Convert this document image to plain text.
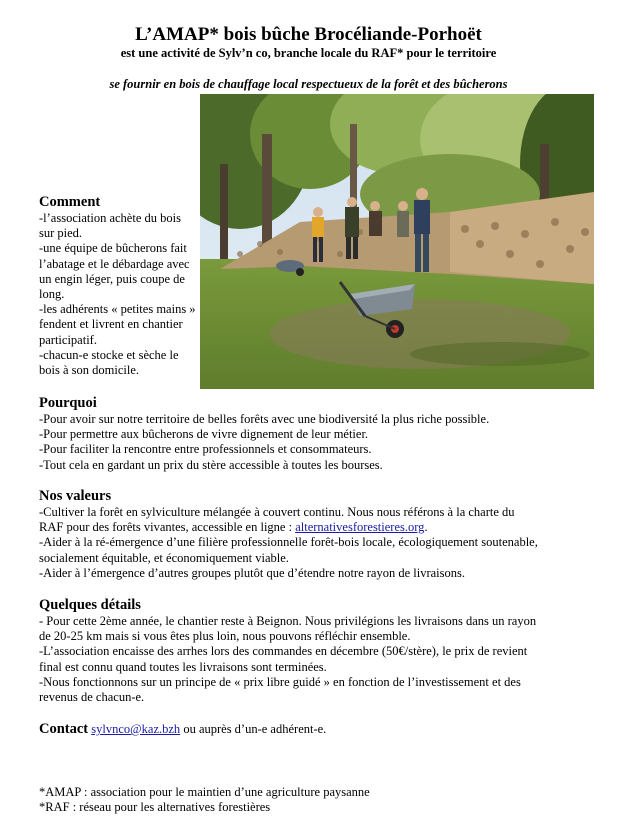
L’AMAP* bois bûche Brocéliande-Porhoët
est une activité de Sylv’n co, branche locale du RAF* pour le territoire
se fournir en bois de chauffage local respectueux de la forêt et des bûcherons
Comment
-l’association achète du bois sur pied.
-une équipe de bûcherons fait l’abatage et le débardage avec un engin léger, puis coupe de long.
-les adhérents « petites mains » fendent et livrent en chantier participatif.
-chacun-e stocke et sèche le bois à son domicile.
Pourquoi
-Pour avoir sur notre territoire de belles forêts avec une biodiversité la plus riche possible.
-Pour permettre aux bûcherons de vivre dignement de leur métier.
-Pour faciliter la rencontre entre professionnels et consommateurs.
-Tout cela en gardant un prix du stère accessible à toutes les bourses.
Nos valeurs
-Cultiver la forêt en sylviculture mélangée à couvert continu. Nous nous référons à la charte du
RAF pour des forêts vivantes, accessible en ligne : alternativesforestieres.org.
-Aider à la ré-émergence d’une filière professionnelle forêt-bois locale, écologiquement soutenable,
socialement équitable, et économiquement viable.
-Aider à l’émergence d’autres groupes plutôt que d’étendre notre rayon de livraisons.
Quelques détails
- Pour cette 2ème année, le chantier reste à Beignon. Nous privilégions les livraisons dans un rayon
de 20-25 km mais si vous êtes plus loin, nous pouvons réfléchir ensemble.
-L’association encaisse des arrhes lors des commandes en décembre (50€/stère), le prix de revient
final est connu quand toutes les livraisons sont terminées.
-Nous fonctionnons sur un principe de « prix libre guidé » en fonction de l’investissement et des
revenus de chacun-e.
Contact sylvnco@kaz.bzh ou auprès d’un-e adhérent-e.
*AMAP : association pour le maintien d’une agriculture paysanne
*RAF : réseau pour les alternatives forestières
